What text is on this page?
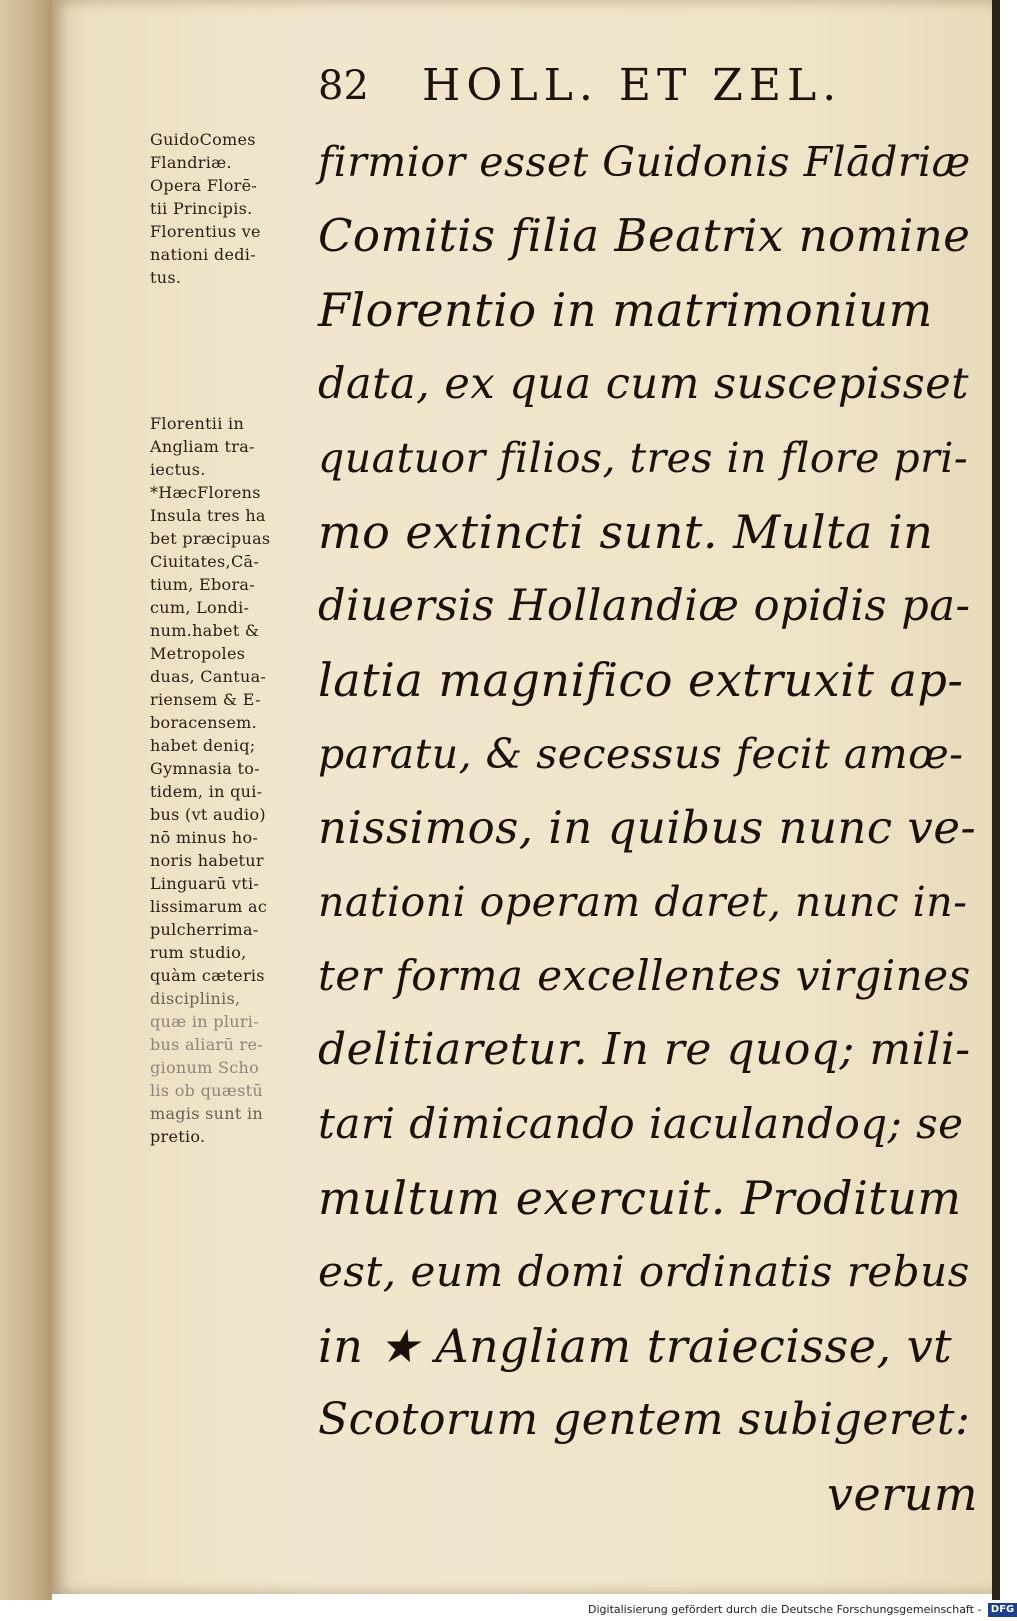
82 HOLL. ET ZEL.
firmior esset Guidonis Flādriæ
Comitis filia Beatrix nomine
Florentio in matrimonium
data, ex qua cum suscepisset
quatuor filios, tres in flore pri-
mo extincti sunt. Multa in
diuersis Hollandiæ opidis pa-
latia magnifico extruxit ap-
paratu, & secessus fecit amœ-
nissimos, in quibus nunc ve-
nationi operam daret, nunc in-
ter forma excellentes virgines
delitiaretur. In re quoq; mili-
tari dimicando iaculandoq; se
multum exercuit. Proditum
est, eum domi ordinatis rebus
in ★ Angliam traiecisse, vt
Scotorum gentem subigeret:
verum
GuidoComes
Flandriæ.
Opera Florē-
tii Principis.
Florentius ve
nationi dedi-
tus.
Florentii in
Angliam tra-
iectus.
*HæcFlorens
Insula tres ha
bet præcipuas
Ciuitates,Cā-
tium, Ebora-
cum, Londi-
num.habet &
Metropoles
duas, Cantua-
riensem & E-
boracensem.
habet deniq;
Gymnasia to-
tidem, in qui-
bus (vt audio)
nō minus ho-
noris habetur
Linguarū vti-
lissimarum ac
pulcherrima-
rum studio,
quàm cæteris
disciplinis,
quæ in pluri-
bus aliarū re-
gionum Scho
lis ob quæstū
magis sunt in
pretio.
Digitalisierung gefördert durch die Deutsche Forschungsgemeinschaft - DFG
